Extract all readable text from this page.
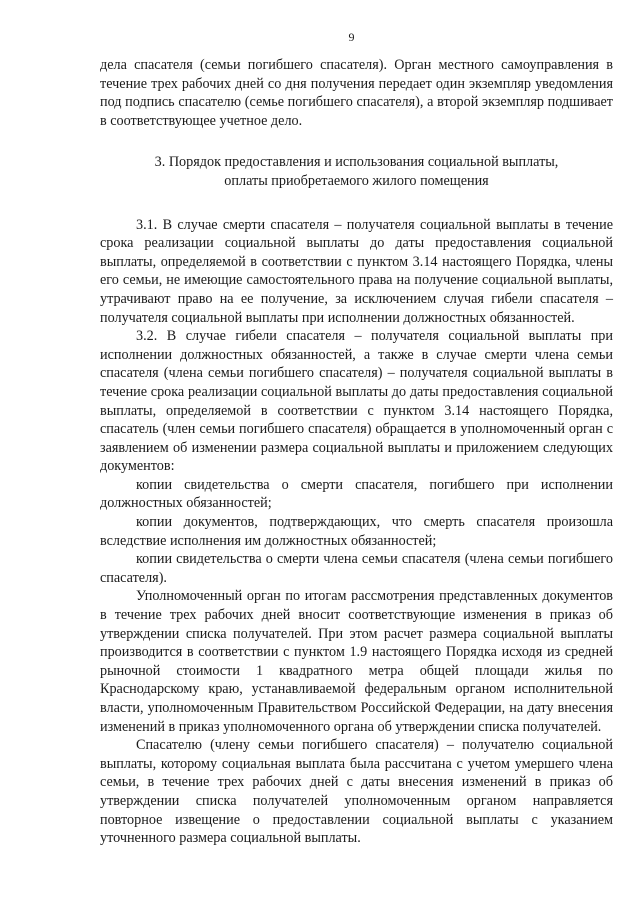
9

дела спасателя (семьи погибшего спасателя). Орган местного самоуправления в течение трех рабочих дней со дня получения передает один экземпляр уведомления под подпись спасателю (семье погибшего спасателя), а второй экземпляр подшивает в соответствующее учетное дело.

3. Порядок предоставления и использования социальной выплаты,
оплаты приобретаемого жилого помещения

3.1. В случае смерти спасателя – получателя социальной выплаты в течение срока реализации социальной выплаты до даты предоставления социальной выплаты, определяемой в соответствии с пунктом 3.14 настоящего Порядка, члены его семьи, не имеющие самостоятельного права на получение социальной выплаты, утрачивают право на ее получение, за исключением случая гибели спасателя – получателя социальной выплаты при исполнении должностных обязанностей.

3.2. В случае гибели спасателя – получателя социальной выплаты при исполнении должностных обязанностей, а также в случае смерти члена семьи спасателя (члена семьи погибшего спасателя) – получателя социальной выплаты в течение срока реализации социальной выплаты до даты предоставления социальной выплаты, определяемой в соответствии с пунктом 3.14 настоящего Порядка, спасатель (член семьи погибшего спасателя) обращается в уполномоченный орган с заявлением об изменении размера социальной выплаты и приложением следующих документов:

копии свидетельства о смерти спасателя, погибшего при исполнении должностных обязанностей;

копии документов, подтверждающих, что смерть спасателя произошла вследствие исполнения им должностных обязанностей;

копии свидетельства о смерти члена семьи спасателя (члена семьи погибшего спасателя).

Уполномоченный орган по итогам рассмотрения представленных документов в течение трех рабочих дней вносит соответствующие изменения в приказ об утверждении списка получателей. При этом расчет размера социальной выплаты производится в соответствии с пунктом 1.9 настоящего Порядка исходя из средней рыночной стоимости 1 квадратного метра общей площади жилья по Краснодарскому краю, устанавливаемой федеральным органом исполнительной власти, уполномоченным Правительством Российской Федерации, на дату внесения изменений в приказ уполномоченного органа об утверждении списка получателей.

Спасателю (члену семьи погибшего спасателя) – получателю социальной выплаты, которому социальная выплата была рассчитана с учетом умершего члена семьи, в течение трех рабочих дней с даты внесения изменений в приказ об утверждении списка получателей уполномоченным органом направляется повторное извещение о предоставлении социальной выплаты с указанием уточненного размера социальной выплаты.
